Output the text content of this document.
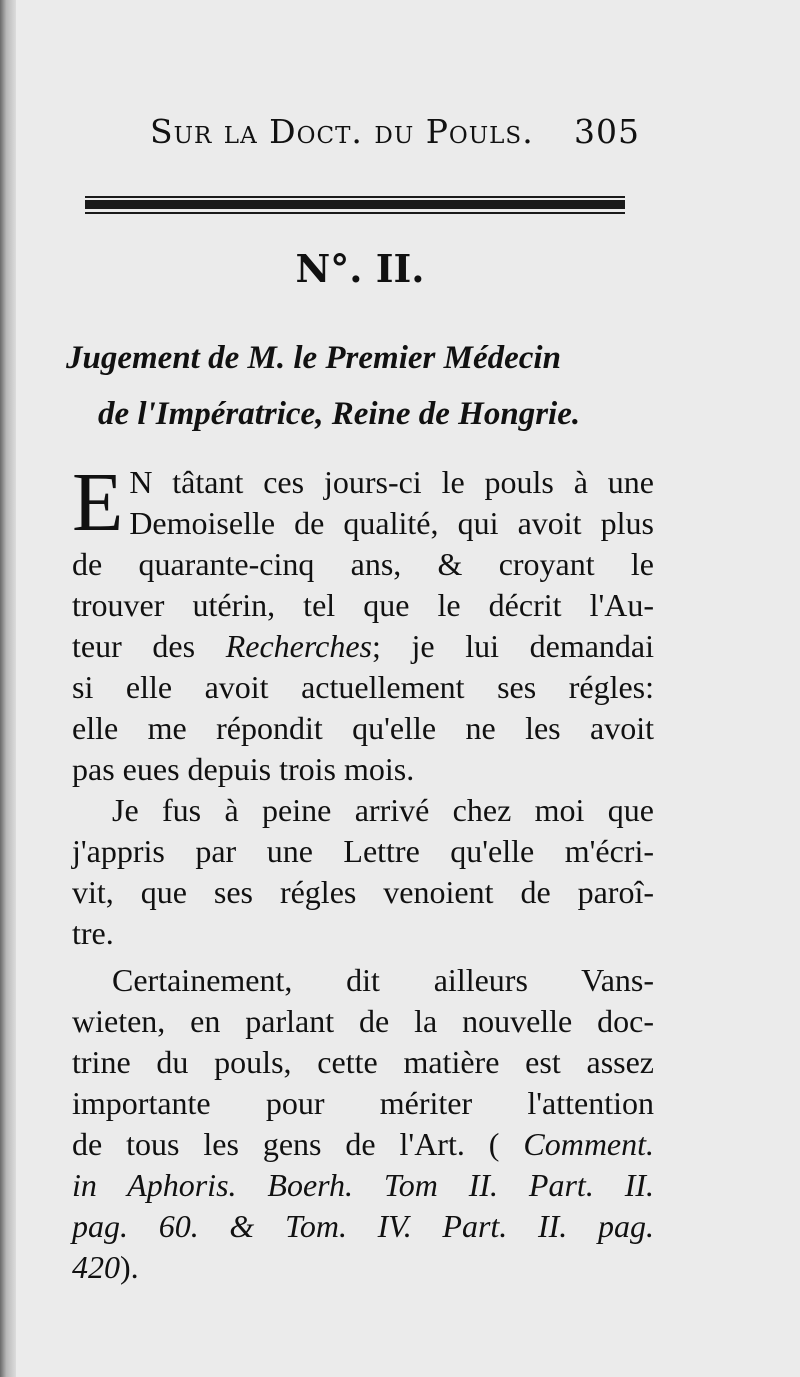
Sur la Doct. du Pouls. 305
N°. II.
Jugement de M. le Premier Médecin
de l'Impératrice, Reine de Hongrie.
E N tâtant ces jours-ci le pouls à une
Demoiselle de qualité, qui avoit plus
de quarante-cinq ans, & croyant le
trouver utérin, tel que le décrit l'Au-
teur des Recherches; je lui demandai
si elle avoit actuellement ses régles:
elle me répondit qu'elle ne les avoit
pas eues depuis trois mois.
Je fus à peine arrivé chez moi que
j'appris par une Lettre qu'elle m'écri-
vit, que ses régles venoient de paroî-
tre.
Certainement, dit ailleurs Vans-
wieten, en parlant de la nouvelle doc-
trine du pouls, cette matière est assez
importante pour mériter l'attention
de tous les gens de l'Art. ( Comment.
in Aphoris. Boerh. Tom II. Part. II.
pag. 60. & Tom. IV. Part. II. pag.
420).
